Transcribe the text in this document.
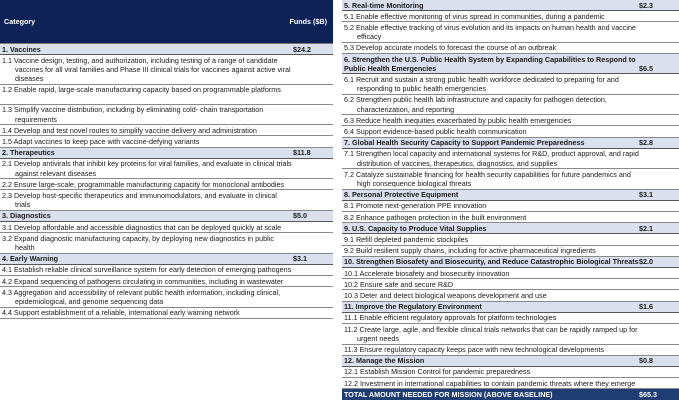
Category	Funds ($B)
1. Vaccines	$24.2
1.1 Vaccine design, testing, and authorization, including testing of a range of candidate vaccines for all viral families and Phase III clinical trials for vaccines against active viral diseases
1.2 Enable rapid, large-scale manufacturing capacity based on programmable platforms
1.3 Simplify vaccine distribution, including by eliminating cold- chain transportation requirements
1.4 Develop and test novel routes to simplify vaccine delivery and administration
1.5 Adapt vaccines to keep pace with vaccine-defying variants
2. Therapeutics	$11.8
2.1 Develop antivirals that inhibit key proteins for viral families, and evaluate in clinical trials against relevant diseases
2.2 Ensure large-scale, programmable manufacturing capacity for monoclonal antibodies
2.3 Develop host-specific therapeutics and immunomodulators, and evaluate in clinical trials
3. Diagnostics	$5.0
3.1 Develop affordable and accessible diagnostics that can be deployed quickly at scale
3.2 Expand diagnostic manufacturing capacity, by deploying new diagnostics in public health
4. Early Warning	$3.1
4.1 Establish reliable clinical surveillance system for early detection of emerging pathogens
4.2 Expand sequencing of pathogens circulating in communities, including in wastewater
4.3 Aggregation and accessibility of relevant public health information, including clinical, epidemiological, and genome sequencing data
4.4 Support establishment of a reliable, international early warning network
5. Real-time Monitoring	$2.3
5.1 Enable effective monitoring of virus spread in communities, during a pandemic
5.2 Enable effective tracking of virus evolution and its impacts on human health and vaccine efficacy
5.3 Develop accurate models to forecast the course of an outbreak
6. Strengthen the U.S. Public Health System by Expanding Capabilities to Respond to Public Health Emergencies	$6.5
6.1 Recruit and sustain a strong public health workforce dedicated to preparing for and responding to public health emergencies
6.2 Strengthen public health lab infrastructure and capacity for pathogen detection, characterization, and reporting
6.3 Reduce health inequities exacerbated by public health emergencies
6.4 Support evidence-based public health communication
7. Global Health Security Capacity to Support Pandemic Preparedness	$2.8
7.1 Strengthen local capacity and international systems for R&D, product approval, and rapid distribution of vaccines, therapeutics, diagnostics, and supplies
7.2 Catalyze sustainable financing for health security capabilities for future pandemics and high consequence biological threats
8. Personal Protective Equipment	$3.1
8.1 Promote next-generation PPE innovation
8.2 Enhance pathogen protection in the built environment
9. U.S. Capacity to Produce Vital Supplies	$2.1
9.1 Refill depleted pandemic stockpiles
9.2 Build resilient supply chains, including for active pharmaceutical ingredients
10. Strengthen Biosafety and Biosecurity, and Reduce Catastrophic Biological Threats $2.0
10.1 Accelerate biosafety and biosecurity innovation
10.2 Ensure safe and secure R&D
10.3 Deter and detect biological weapons development and use
11. Improve the Regulatory Environment	$1.6
11.1 Enable efficient regulatory approvals for platform technologies
11.2 Create large, agile, and flexible clinical trials networks that can be rapidly ramped up for urgent needs
11.3 Ensure regulatory capacity keeps pace with new technological developments
12. Manage the Mission	$0.8
12.1 Establish Mission Control for pandemic preparedness
12.2 Investment in international capabilities to contain pandemic threats where they emerge
TOTAL AMOUNT NEEDED FOR MISSION (ABOVE BASELINE)	$65.3
